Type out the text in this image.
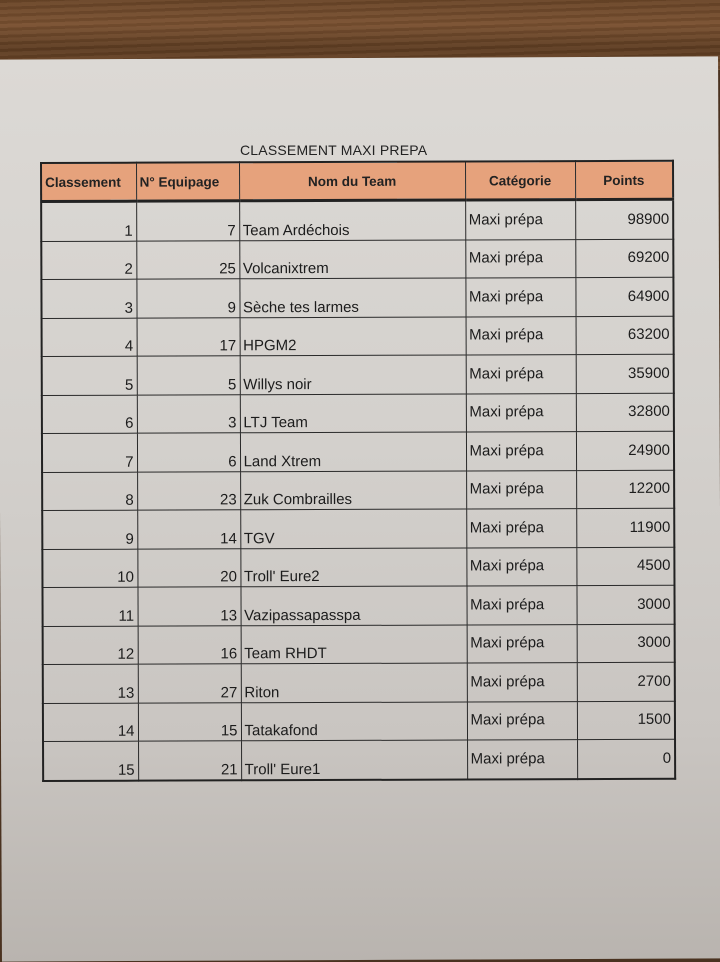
CLASSEMENT MAXI PREPA
Classement	N° Equipage	Nom du Team	Catégorie	Points
1	7	Team Ardéchois	Maxi prépa	98900
2	25	Volcanixtrem	Maxi prépa	69200
3	9	Sèche tes larmes	Maxi prépa	64900
4	17	HPGM2	Maxi prépa	63200
5	5	Willys noir	Maxi prépa	35900
6	3	LTJ Team	Maxi prépa	32800
7	6	Land Xtrem	Maxi prépa	24900
8	23	Zuk Combrailles	Maxi prépa	12200
9	14	TGV	Maxi prépa	11900
10	20	Troll' Eure2	Maxi prépa	4500
11	13	Vazipassapasspa	Maxi prépa	3000
12	16	Team RHDT	Maxi prépa	3000
13	27	Riton	Maxi prépa	2700
14	15	Tatakafond	Maxi prépa	1500
15	21	Troll' Eure1	Maxi prépa	0
